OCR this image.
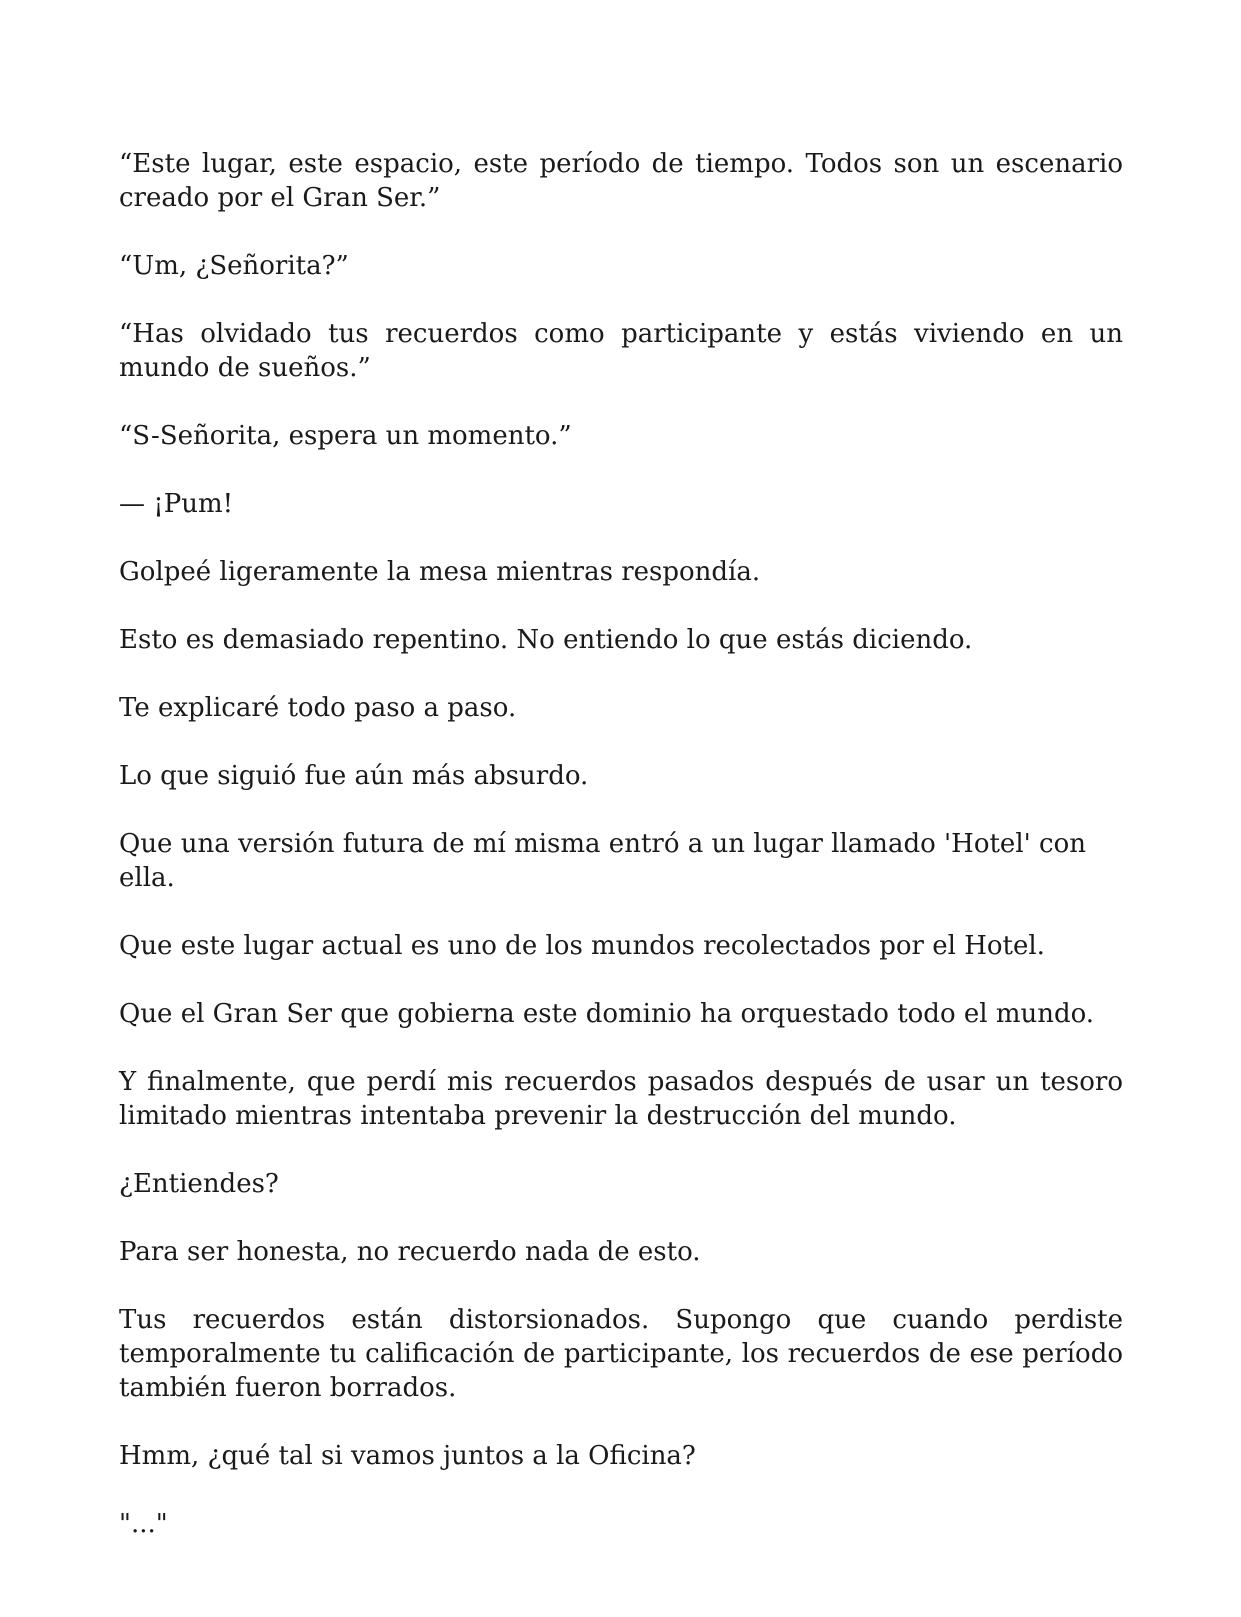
“Este lugar, este espacio, este período de tiempo. Todos son un escenario creado por el Gran Ser.”

“Um, ¿Señorita?”

“Has olvidado tus recuerdos como participante y estás viviendo en un mundo de sueños.”

“S-Señorita, espera un momento.”

— ¡Pum!

Golpeé ligeramente la mesa mientras respondía.

Esto es demasiado repentino. No entiendo lo que estás diciendo.

Te explicaré todo paso a paso.

Lo que siguió fue aún más absurdo.

Que una versión futura de mí misma entró a un lugar llamado 'Hotel' con ella.

Que este lugar actual es uno de los mundos recolectados por el Hotel.

Que el Gran Ser que gobierna este dominio ha orquestado todo el mundo.

Y finalmente, que perdí mis recuerdos pasados después de usar un tesoro limitado mientras intentaba prevenir la destrucción del mundo.

¿Entiendes?

Para ser honesta, no recuerdo nada de esto.

Tus recuerdos están distorsionados. Supongo que cuando perdiste temporalmente tu calificación de participante, los recuerdos de ese período también fueron borrados.

Hmm, ¿qué tal si vamos juntos a la Oficina?

"..."
